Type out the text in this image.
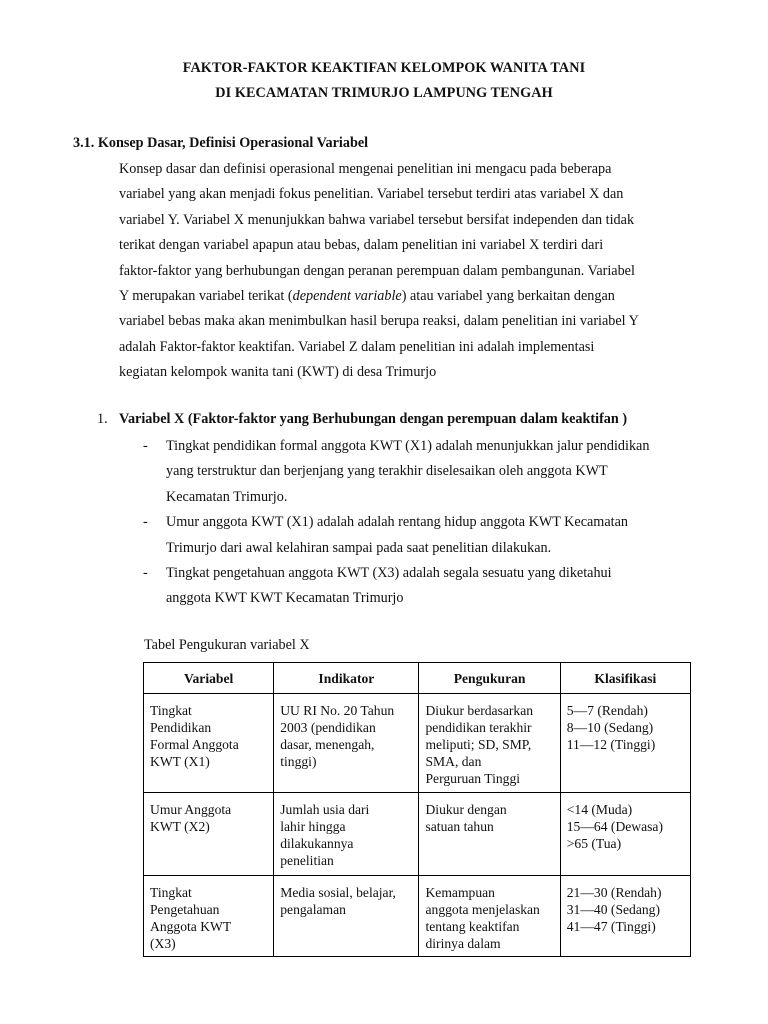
FAKTOR-FAKTOR KEAKTIFAN KELOMPOK WANITA TANI
DI KECAMATAN TRIMURJO LAMPUNG TENGAH
3.1. Konsep Dasar, Definisi Operasional Variabel
Konsep dasar dan definisi operasional mengenai penelitian ini mengacu pada beberapa
variabel yang akan menjadi fokus penelitian. Variabel tersebut terdiri atas variabel X dan
variabel Y. Variabel X menunjukkan bahwa variabel tersebut bersifat independen dan tidak
terikat dengan variabel apapun atau bebas, dalam penelitian ini variabel X terdiri dari
faktor-faktor yang berhubungan dengan peranan perempuan dalam pembangunan. Variabel
Y merupakan variabel terikat (dependent variable) atau variabel yang berkaitan dengan
variabel bebas maka akan menimbulkan hasil berupa reaksi, dalam penelitian ini variabel Y
adalah Faktor-faktor keaktifan. Variabel Z dalam penelitian ini adalah implementasi
kegiatan kelompok wanita tani (KWT) di desa Trimurjo
1. Variabel X (Faktor-faktor yang Berhubungan dengan perempuan dalam keaktifan )
- Tingkat pendidikan formal anggota KWT (X1) adalah menunjukkan jalur pendidikan
yang terstruktur dan berjenjang yang terakhir diselesaikan oleh anggota KWT
Kecamatan Trimurjo.
- Umur anggota KWT (X1) adalah adalah rentang hidup anggota KWT Kecamatan
Trimurjo dari awal kelahiran sampai pada saat penelitian dilakukan.
- Tingkat pengetahuan anggota KWT (X3) adalah segala sesuatu yang diketahui
anggota KWT KWT Kecamatan Trimurjo
Tabel Pengukuran variabel X
Variabel	Indikator	Pengukuran	Klasifikasi

Tingkat
Pendidikan
Formal Anggota
KWT (X1)	UU RI No. 20 Tahun
2003 (pendidikan
dasar, menengah,
tinggi)	Diukur berdasarkan
pendidikan terakhir
meliputi; SD, SMP,
SMA, dan
Perguruan Tinggi	5—7 (Rendah)
8—10 (Sedang)
11—12 (Tinggi)

Umur Anggota
KWT (X2)	Jumlah usia dari
lahir hingga
dilakukannya
penelitian	Diukur dengan
satuan tahun	<14 (Muda)
15—64 (Dewasa)
>65 (Tua)

Tingkat
Pengetahuan
Anggota KWT
(X3)	Media sosial, belajar,
pengalaman	Kemampuan
anggota menjelaskan
tentang keaktifan
dirinya dalam	21—30 (Rendah)
31—40 (Sedang)
41—47 (Tinggi)
